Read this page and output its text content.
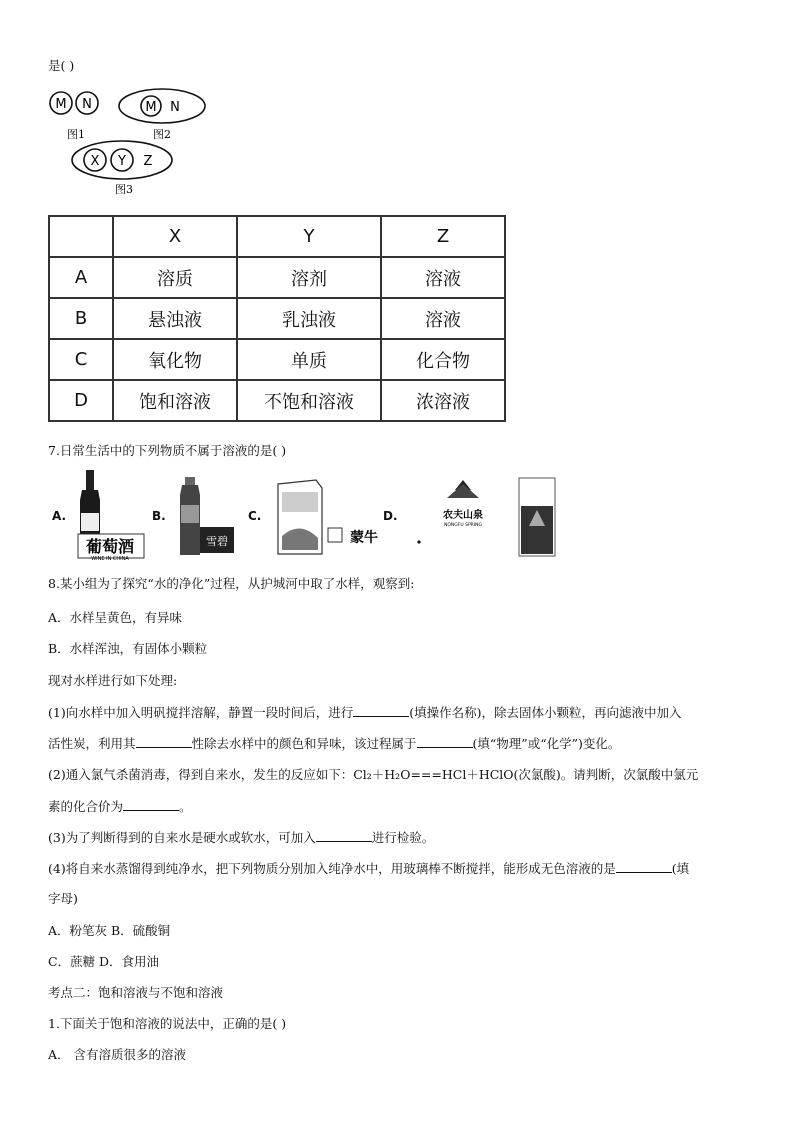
是( )
M N
图1
M N
图2
X Y Z
图3
	X	Y	Z
A	溶质	溶剂	溶液
B	悬浊液	乳浊液	溶液
C	氧化物	单质	化合物
D	饱和溶液	不饱和溶液	浓溶液
7.日常生活中的下列物质不属于溶液的是( )
A.
葡萄酒
WINE IN CHINA
B.
雪碧
C.
蒙牛
D.	农夫山泉
NONGFU SPRING
8.某小组为了探究“水的净化”过程，从护城河中取了水样，观察到:
A．水样呈黄色，有异味
B．水样浑浊，有固体小颗粒
现对水样进行如下处理:
(1)向水样中加入明矾搅拌溶解，静置一段时间后，进行	(填操作名称)，除去固体小颗粒，再向滤液中加入
活性炭，利用其	性除去水样中的颜色和异味，该过程属于	(填“物理”或“化学”)变化。
(2)通入氯气杀菌消毒，得到自来水，发生的反应如下：Cl₂＋H₂O===HCl＋HClO(次氯酸)。请判断，次氯酸中氯元
素的化合价为	。
(3)为了判断得到的自来水是硬水或软水，可加入	进行检验。
(4)将自来水蒸馏得到纯净水，把下列物质分别加入纯净水中，用玻璃棒不断搅拌，能形成无色溶液的是	(填
字母)
A．粉笔灰 B．硫酸铜
C．蔗糖 D．食用油
考点二：饱和溶液与不饱和溶液
1.下面关于饱和溶液的说法中，正确的是( )
A． 含有溶质很多的溶液
